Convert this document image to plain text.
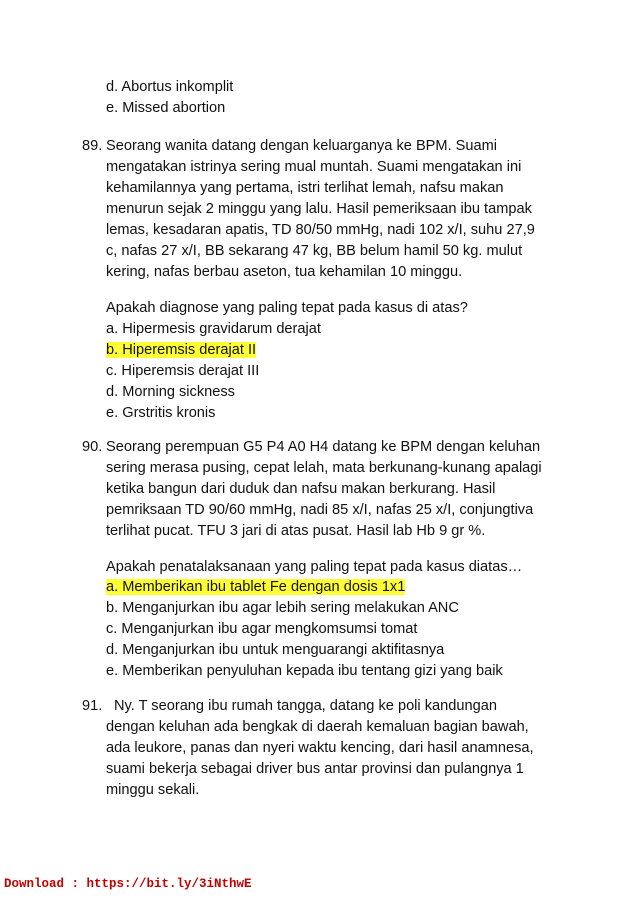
d. Abortus inkomplit
e. Missed abortion
89. Seorang wanita datang dengan keluarganya ke BPM. Suami
mengatakan istrinya sering mual muntah. Suami mengatakan ini
kehamilannya yang pertama, istri terlihat lemah, nafsu makan
menurun sejak 2 minggu yang lalu. Hasil pemeriksaan ibu tampak
lemas, kesadaran apatis, TD 80/50 mmHg, nadi 102 x/I, suhu 27,9
c, nafas 27 x/I, BB sekarang 47 kg, BB belum hamil 50 kg. mulut
kering, nafas berbau aseton, tua kehamilan 10 minggu.
Apakah diagnose yang paling tepat pada kasus di atas?
a. Hipermesis gravidarum derajat
b. Hiperemsis derajat II
c. Hiperemsis derajat III
d. Morning sickness
e. Grstritis kronis
90. Seorang perempuan G5 P4 A0 H4 datang ke BPM dengan keluhan
sering merasa pusing, cepat lelah, mata berkunang-kunang apalagi
ketika bangun dari duduk dan nafsu makan berkurang. Hasil
pemriksaan TD 90/60 mmHg, nadi 85 x/I, nafas 25 x/I, conjungtiva
terlihat pucat. TFU 3 jari di atas pusat. Hasil lab Hb 9 gr %.
Apakah penatalaksanaan yang paling tepat pada kasus diatas…
a. Memberikan ibu tablet Fe dengan dosis 1x1
b. Menganjurkan ibu agar lebih sering melakukan ANC
c. Menganjurkan ibu agar mengkomsumsi tomat
d. Menganjurkan ibu untuk menguarangi aktifitasnya
e. Memberikan penyuluhan kepada ibu tentang gizi yang baik
91. Ny. T seorang ibu rumah tangga, datang ke poli kandungan
dengan keluhan ada bengkak di daerah kemaluan bagian bawah,
ada leukore, panas dan nyeri waktu kencing, dari hasil anamnesa,
suami bekerja sebagai driver bus antar provinsi dan pulangnya 1
minggu sekali.
Download : https://bit.ly/3iNthwE
